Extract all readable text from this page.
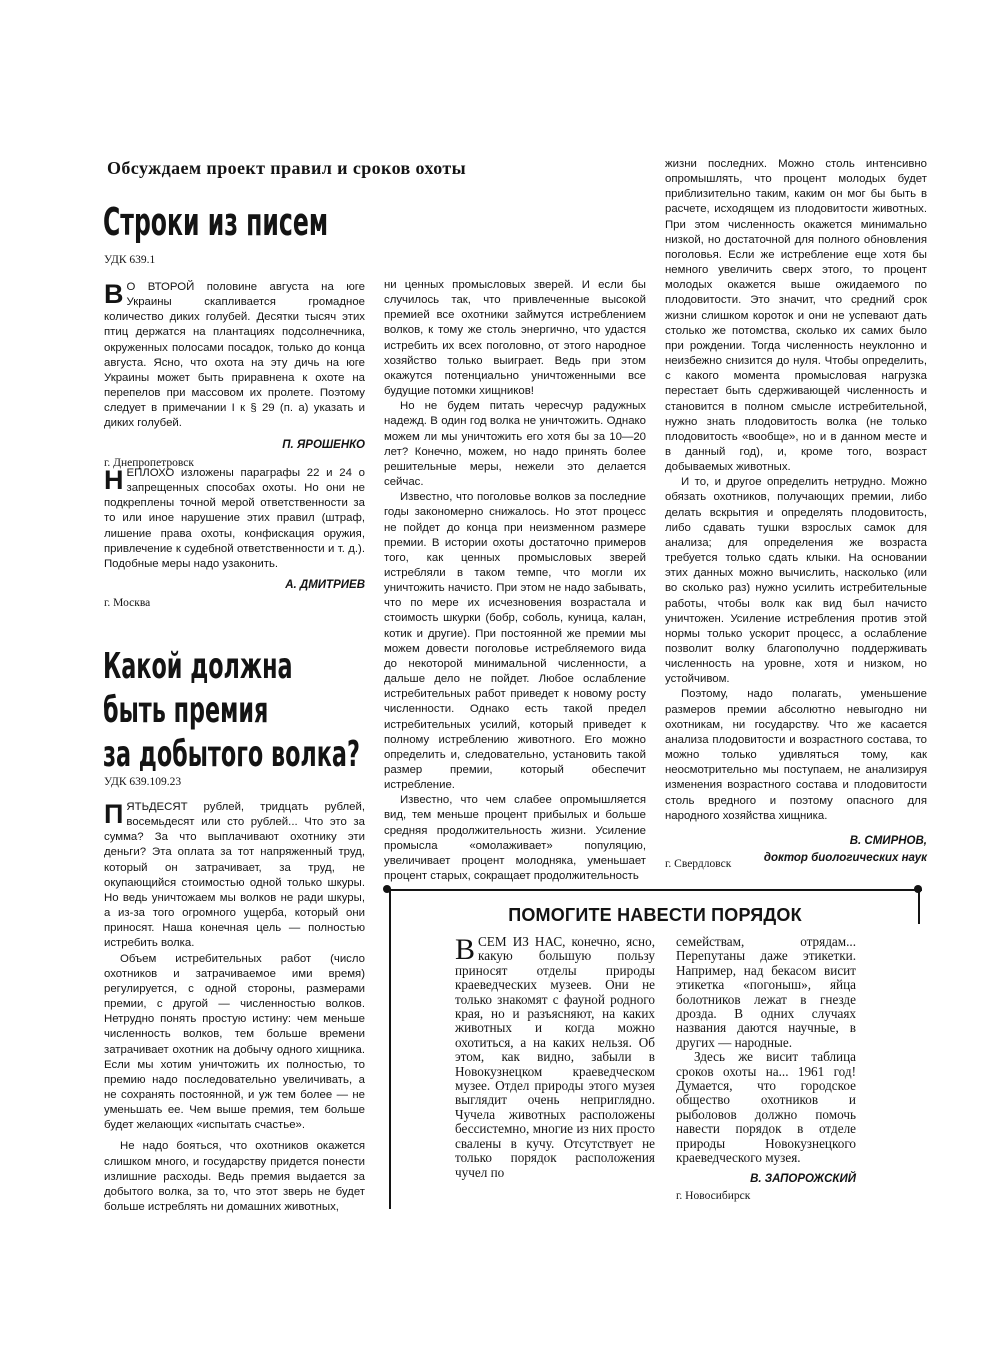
Обсуждаем проект правил и сроков охоты
Строки из писем
УДК 639.1

В О ВТОРОЙ половине августа на юге Украины скапливается громадное количество диких голубей. Десятки тысяч этих птиц держатся на плантациях подсолнечника, окруженных полосами посадок, только до конца августа. Ясно, что охота на эту дичь на юге Украины может быть приравнена к охоте на перепелов при массовом их пролете. Поэтому следует в примечании I к § 29 (п. а) указать и диких голубей.

П. ЯРОШЕНКО
г. Днепропетровск

НЕПЛОХО изложены параграфы 22 и 24 о запрещенных способах охоты. Но они не подкреплены точной мерой ответственности за то или иное нарушение этих правил (штраф, лишение права охоты, конфискация оружия, привлечение к судебной ответственности и т. д.). Подобные меры надо узаконить.

А. ДМИТРИЕВ
г. Москва
Какой должна
быть премия
за добытого волка?
УДК 639.109.23

ПЯТЬДЕСЯТ рублей, тридцать рублей, восемьдесят или сто рублей... Что это за сумма? За что выплачивают охотнику эти деньги? Эта оплата за тот напряженный труд, который он затрачивает, за труд, не окупающийся стоимостью одной только шкуры. Но ведь уничтожаем мы волков не ради шкуры, а из-за того огромного ущерба, который они приносят. Наша конечная цель — полностью истребить волка.

Объем истребительных работ (число охотников и затрачиваемое ими время) регулируется, с одной стороны, размерами премии, с другой — численностью волков. Нетрудно понять простую истину: чем меньше численность волков, тем больше времени затрачивает охотник на добычу одного хищника. Если мы хотим уничтожить их полностью, то премию надо последовательно увеличивать, а не сохранять постоянной, и уж тем более — не уменьшать ее. Чем выше премия, тем больше будет желающих «испытать счастье».

Не надо бояться, что охотников окажется слишком много, и государству придется понести излишние расходы. Ведь премия выдается за добытого волка, за то, что этот зверь не будет больше истреблять ни домашних животных,

ни ценных промысловых зверей. И если бы случилось так, что привлеченные высокой премией все охотники займутся истреблением волков, к тому же столь энергично, что удастся истребить их всех поголовно, от этого народное хозяйство только выиграет. Ведь при этом окажутся потенциально уничтоженными все будущие потомки хищников!

Но не будем питать чересчур радужных надежд. В один год волка не уничтожить. Однако можем ли мы уничтожить его хотя бы за 10—20 лет? Конечно, можем, но надо принять более решительные меры, нежели это делается сейчас.

Известно, что поголовье волков за последние годы закономерно снижалось. Но этот процесс не пойдет до конца при неизменном размере премии. В истории охоты достаточно примеров того, как ценных промысловых зверей истребляли в таком темпе, что могли их уничтожить начисто. При этом не надо забывать, что по мере их исчезновения возрастала и стоимость шкурки (бобр, соболь, куница, калан, котик и другие). При постоянной же премии мы можем довести поголовье истребляемого вида до некоторой минимальной численности, а дальше дело не пойдет. Любое ослабление истребительных работ приведет к новому росту численности. Однако есть такой предел истребительных усилий, который приведет к полному истреблению животного. Его можно определить и, следовательно, установить такой размер премии, который обеспечит истребление.

Известно, что чем слабее опромышляется вид, тем меньше процент прибылых и больше средняя продолжительность жизни. Усиление промысла «омолаживает» популяцию, увеличивает процент молодняка, уменьшает процент старых, сокращает продолжительность

жизни последних. Можно столь интенсивно опромышлять, что процент молодых будет приблизительно таким, каким он мог бы быть в расчете, исходящем из плодовитости животных. При этом численность окажется минимально низкой, но достаточной для полного обновления поголовья. Если же истребление еще хотя бы немного увеличить сверх этого, то процент молодых окажется выше ожидаемого по плодовитости. Это значит, что средний срок жизни слишком короток и они не успевают дать столько же потомства, сколько их самих было при рождении. Тогда численность неуклонно и неизбежно снизится до нуля. Чтобы определить, с какого момента промысловая нагрузка перестает быть сдерживающей численность и становится в полном смысле истребительной, нужно знать плодовитость волка (не только плодовитость «вообще», но и в данном месте и в данный год), и, кроме того, возраст добываемых животных.

И то, и другое определить нетрудно. Можно обязать охотников, получающих премии, либо делать вскрытия и определять плодовитость, либо сдавать тушки взрослых самок для анализа; для определения же возраста требуется только сдать клыки. На основании этих данных можно вычислить, насколько (или во сколько раз) нужно усилить истребительные работы, чтобы волк как вид был начисто уничтожен. Усиление истребления против этой нормы только ускорит процесс, а ослабление позволит волку благополучно поддерживать численность на уровне, хотя и низком, но устойчивом.

Поэтому, надо полагать, уменьшение размеров премии абсолютно невыгодно ни охотникам, ни государству. Что же касается анализа плодовитости и возрастного состава, то можно только удивляться тому, как неосмотрительно мы поступаем, не анализируя изменения возрастного состава и плодовитости столь вредного и поэтому опасного для народного хозяйства хищника.

В. СМИРНОВ,
доктор биологических наук
г. Свердловск
ПОМОГИТЕ НАВЕСТИ ПОРЯДОК

ВСЕМ ИЗ НАС, конечно, ясно, какую большую пользу приносят отделы природы краеведческих музеев. Они не только знакомят с фауной родного края, но и разъясняют, на каких животных и когда можно охотиться, а на каких нельзя. Об этом, как видно, забыли в Новокузнецком краеведческом музее. Отдел природы этого музея выглядит очень неприглядно. Чучела животных расположены бессистемно, многие из них просто свалены в кучу. Отсутствует не только порядок расположения чучел по

семействам, отрядам... Перепутаны даже этикетки. Например, над бекасом висит этикетка «погоныш», яйца болотников лежат в гнезде дрозда. В одних случаях названия даются научные, в других — народные.

Здесь же висит таблица сроков охоты на... 1961 год! Думается, что городское общество охотников и рыболовов должно помочь навести порядок в отделе природы Новокузнецкого краеведческого музея.

В. ЗАПОРОЖСКИЙ
г. Новосибирск
